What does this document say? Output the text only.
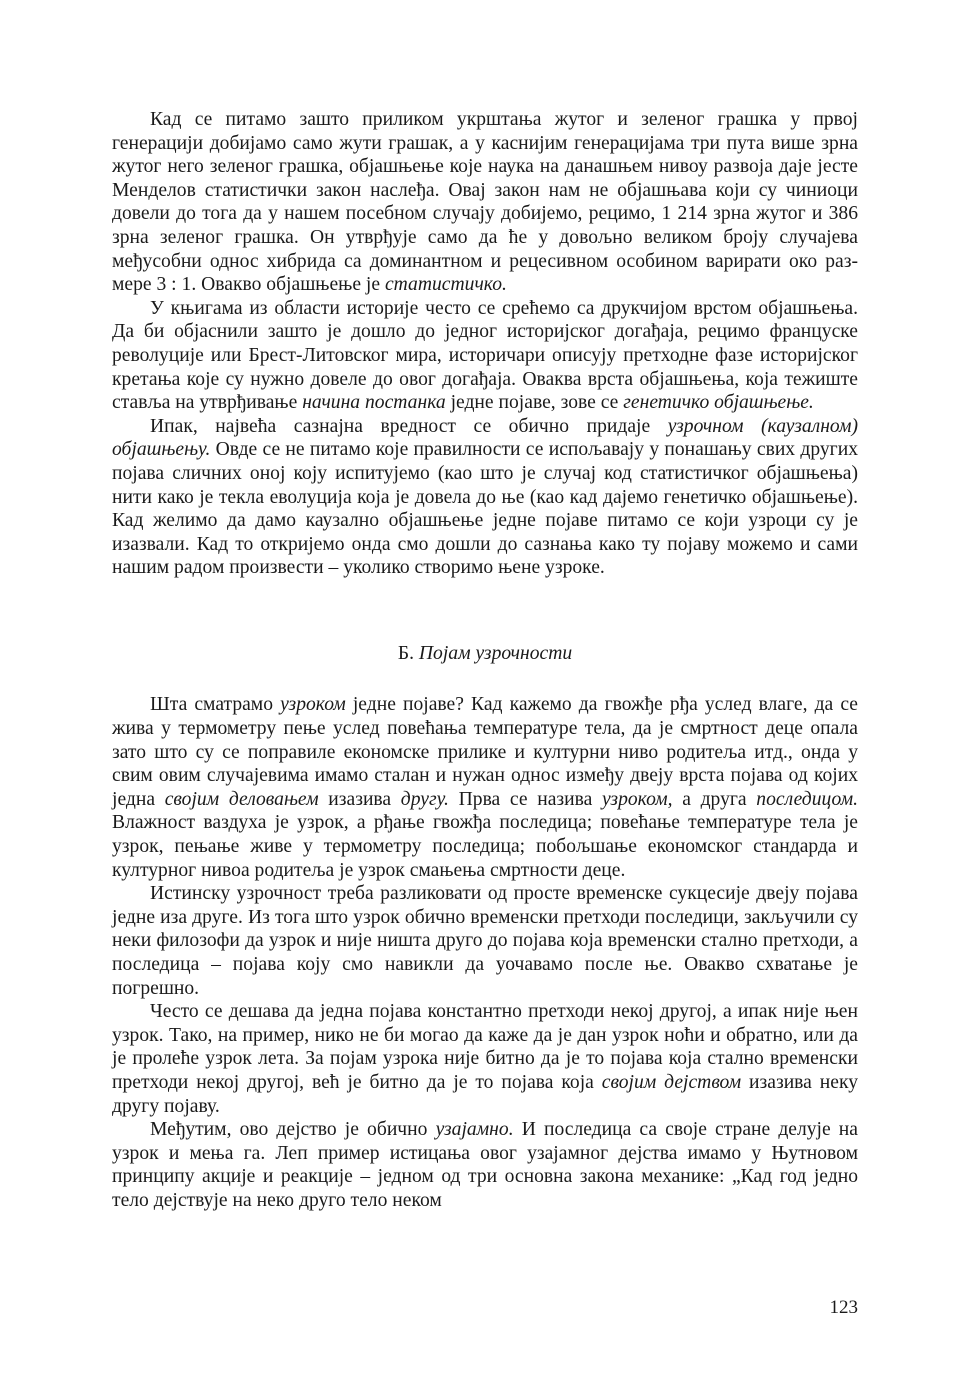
Кад се питамо зашто приликом укрштања жутог и зеленог грашка у првој генерацији добијамо само жути грашак, а у каснијим генерацијама три пута више зрна жутог него зеленог грашка, објашњење које наука на данашњем нивоу развоја даје јесте Менделов статистички закон наслеђа. Овај закон нам не објашњава који су чиниоци довели до тога да у нашем посебном случају добијемо, рецимо, 1 214 зрна жутог и 386 зрна зеленог грашка. Он утврђује само да ће у довољно великом броју случајева међусобни однос хибрида са доминантном и рецесивном особином варирати око размере 3 : 1. Овакво објашњење је статистичко.

У књигама из области историје често се срећемо са друкчијом врстом објашњења. Да би објаснили зашто је дошло до једног историјског догађаја, рецимо француске револуције или Брест-Литовског мира, историчари описују претходне фазе историјског кретања које су нужно довеле до овог догађаја. Оваква врста објашњења, која тежиште ставља на утврђивање начина постанка једне појаве, зове се генетичко објашњење.

Ипак, највећа сазнајна вредност се обично придаје узрочном (каузалном) објашњењу. Овде се не питамо које правилности се испољавају у понашању свих других појава сличних оној коју испитујемо (као што је случај код статистичког објашњења) нити како је текла еволуција која је довела до ње (као кад дајемо генетичко објашњење). Кад желимо да дамо каузално објашњење једне појаве питамо се који узроци су је изазвали. Кад то откријемо онда смо дошли до сазнања како ту појаву можемо и сами нашим радом произвести – уколико створимо њене узроке.

Б. Појам узрочности

Шта сматрамо узроком једне појаве? Кад кажемо да гвожђе рђа услед влаге, да се жива у термометру пење услед повећања температуре тела, да је смртност деце опала зато што су се поправиле економске прилике и културни ниво родитеља итд., онда у свим овим случајевима имамо сталан и нужан однос између двеју врста појава од којих једна својим деловањем изазива другу. Прва се назива узроком, а друга последицом. Влажност ваздуха је узрок, а рђање гвожђа последица; повећање температуре тела је узрок, пењање живе у термометру последица; побољшање економског стандарда и културног нивоа родитеља је узрок смањења смртности деце.

Истинску узрочност треба разликовати од просте временске сукцесије двеју појава једне иза друге. Из тога што узрок обично временски претходи последици, закључили су неки филозофи да узрок и није ништа друго до појава која временски стално претходи, а последица – појава коју смо навикли да уочавамо после ње. Овакво схватање је погрешно.

Често се дешава да једна појава константно претходи некој другој, а ипак није њен узрок. Тако, на пример, нико не би могао да каже да је дан узрок ноћи и обратно, или да је пролеће узрок лета. За појам узрока није битно да је то појава која стално временски претходи некој другој, већ је битно да је то појава која својим дејством изазива неку другу појаву.

Међутим, ово дејство је обично узајамно. И последица са своје стране делује на узрок и мења га. Леп пример истицања овог узајамног дејства имамо у Њутновом принципу акције и реакције – једном од три основна закона механике: „Кад год једно тело дејствује на неко друго тело неком

123
